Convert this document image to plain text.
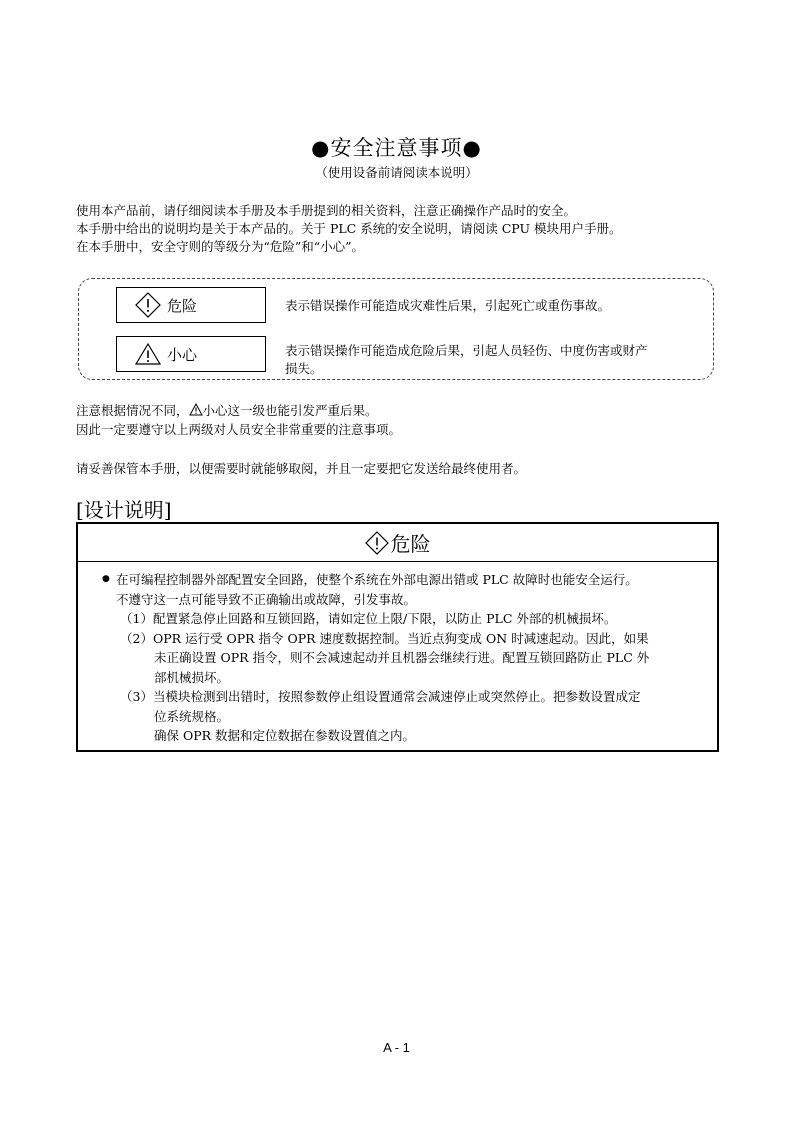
●安全注意事项●
（使用设备前请阅读本说明）
使用本产品前，请仔细阅读本手册及本手册提到的相关资料，注意正确操作产品时的安全。
本手册中给出的说明均是关于本产品的。关于 PLC 系统的安全说明，请阅读 CPU 模块用户手册。
在本手册中，安全守则的等级分为“危险”和“小心”。
危险	表示错误操作可能造成灾难性后果，引起死亡或重伤事故。
小心	表示错误操作可能造成危险后果，引起人员轻伤、中度伤害或财产
损失。
注意根据情况不同， 小心这一级也能引发严重后果。
因此一定要遵守以上两级对人员安全非常重要的注意事项。
请妥善保管本手册，以便需要时就能够取阅，并且一定要把它发送给最终使用者。
[设计说明]
危险
● 在可编程控制器外部配置安全回路，使整个系统在外部电源出错或 PLC 故障时也能安全运行。
不遵守这一点可能导致不正确输出或故障，引发事故。
（1）配置紧急停止回路和互锁回路，请如定位上限/下限，以防止 PLC 外部的机械损坏。
（2）OPR 运行受 OPR 指令 OPR 速度数据控制。当近点狗变成 ON 时减速起动。因此，如果
未正确设置 OPR 指令，则不会减速起动并且机器会继续行进。配置互锁回路防止 PLC 外
部机械损坏。
（3）当模块检测到出错时，按照参数停止组设置通常会减速停止或突然停止。把参数设置成定
位系统规格。
确保 OPR 数据和定位数据在参数设置值之内。
A - 1
